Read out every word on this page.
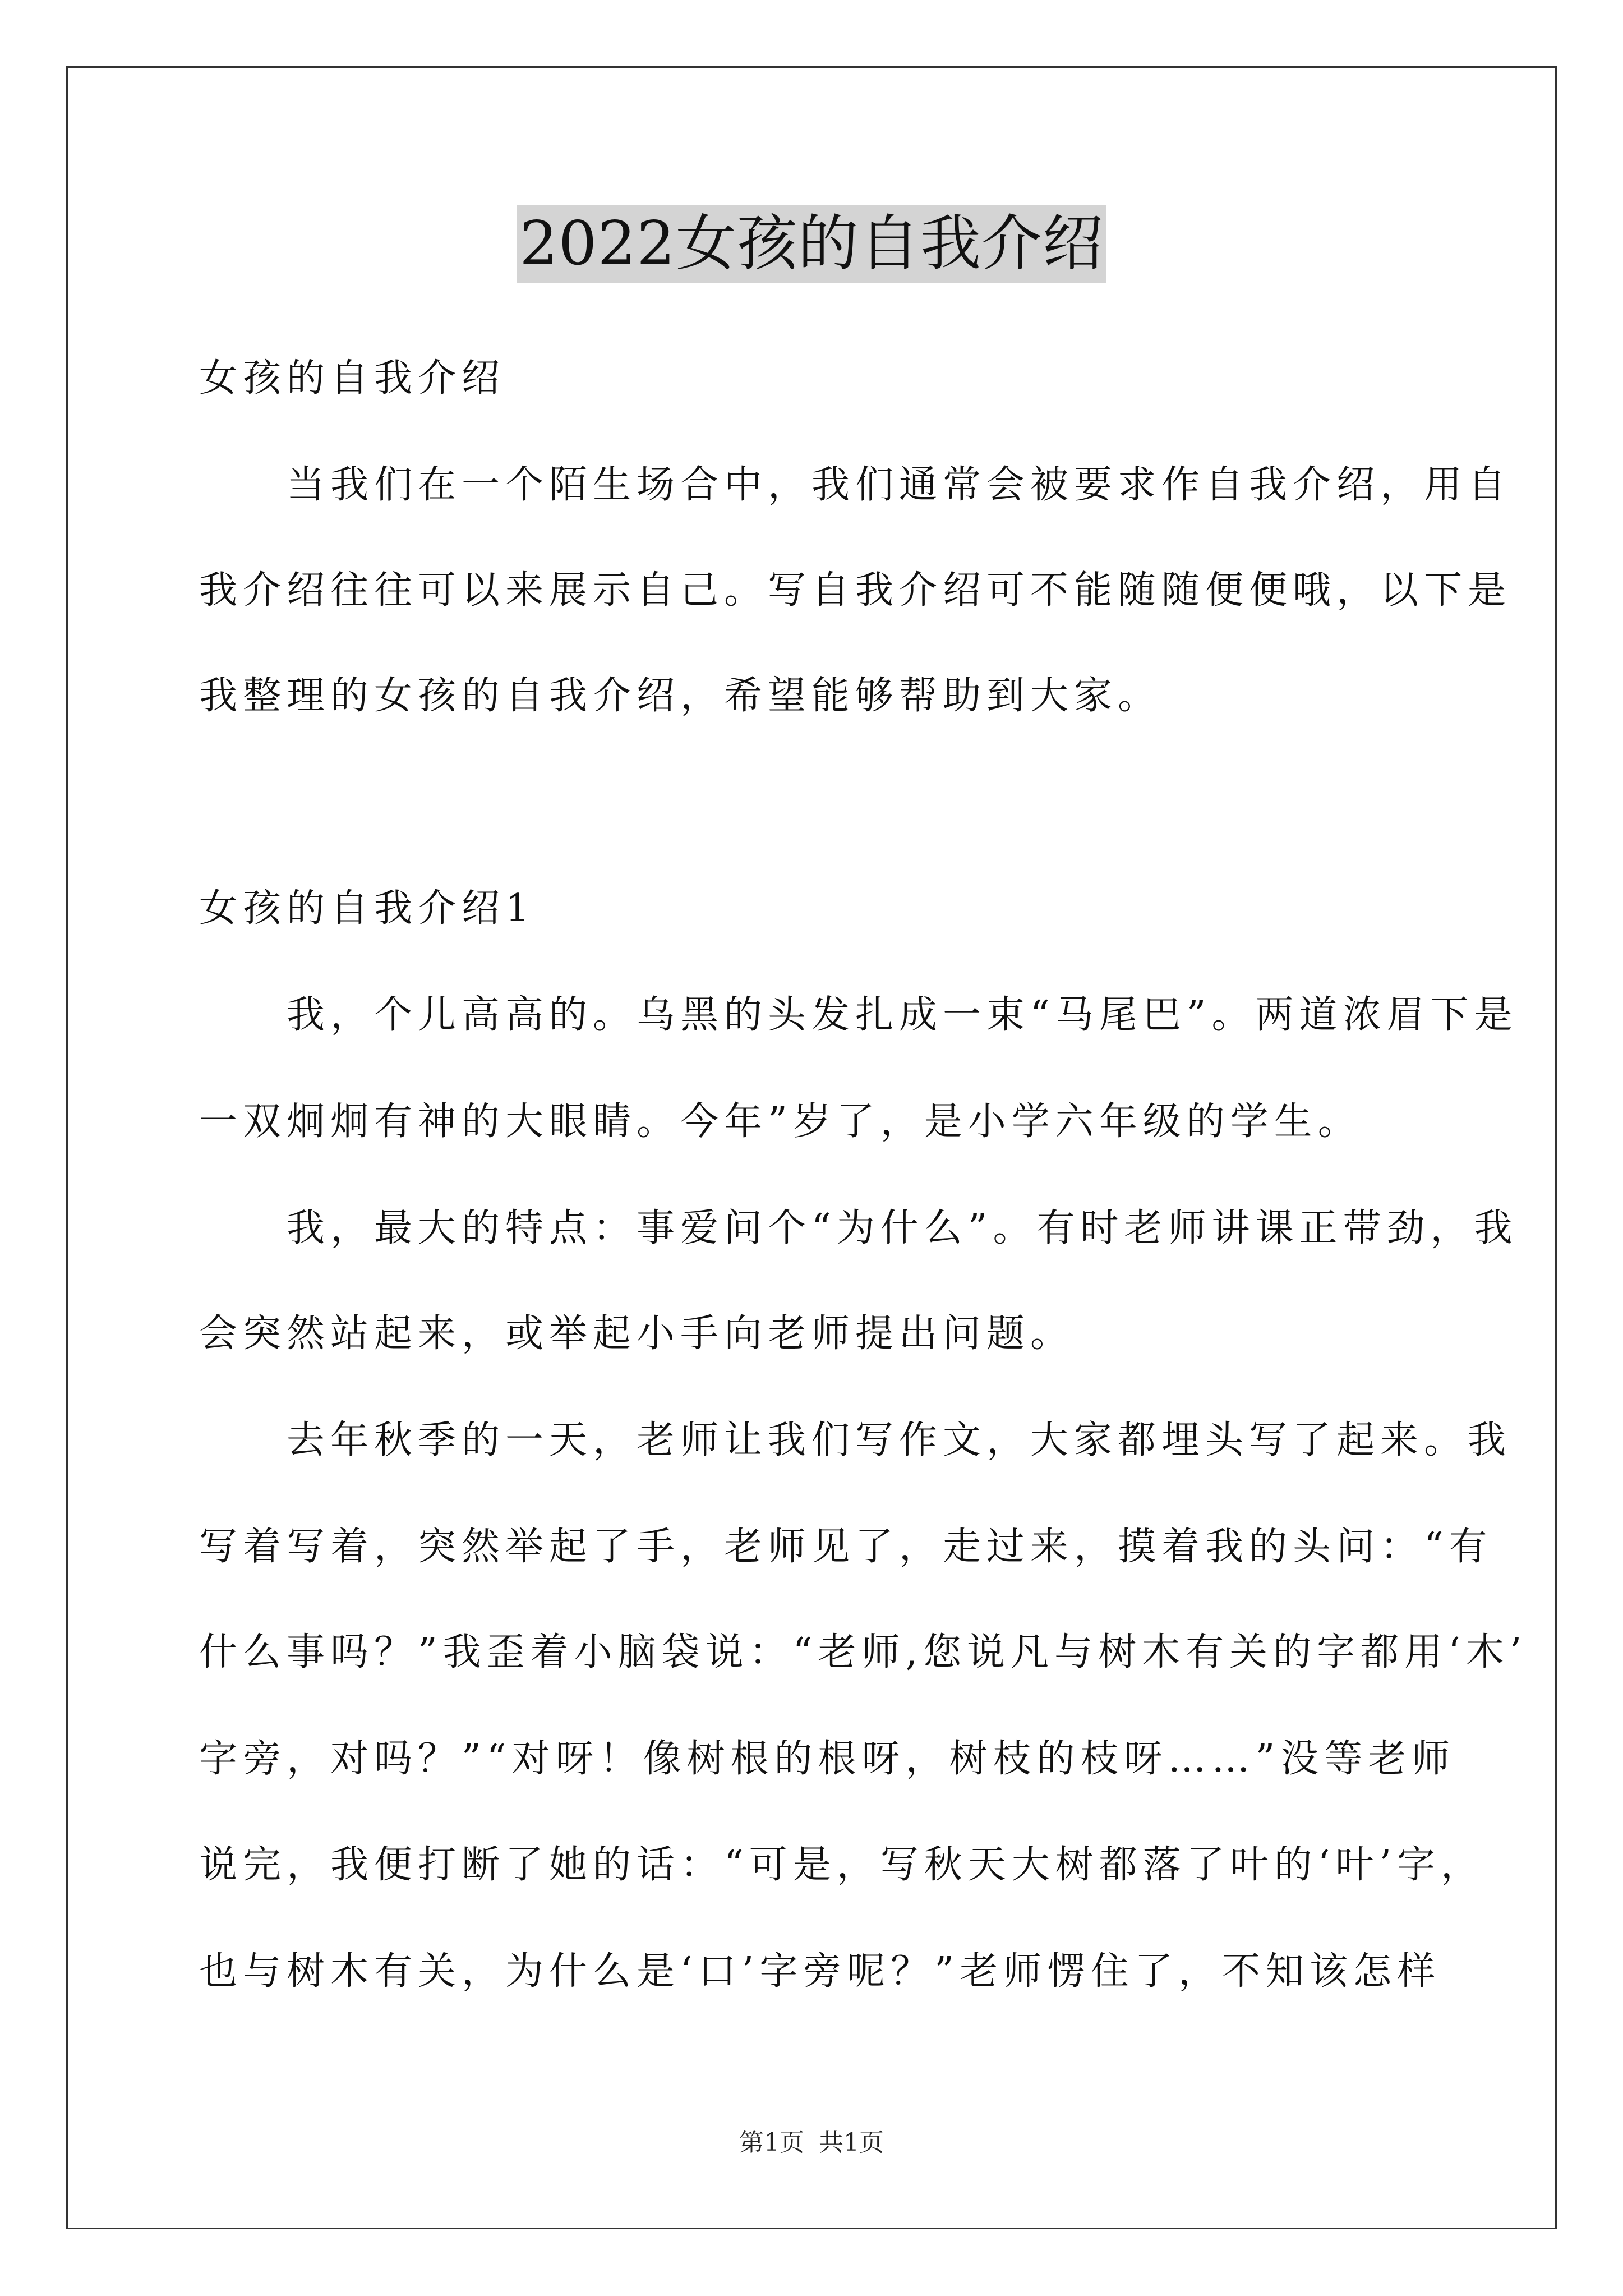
2022女孩的自我介绍
女孩的自我介绍
　　当我们在一个陌生场合中，我们通常会被要求作自我介绍，用自
我介绍往往可以来展示自己。写自我介绍可不能随随便便哦，以下是
我整理的女孩的自我介绍，希望能够帮助到大家。
女孩的自我介绍1
　　我，个儿高高的。乌黑的头发扎成一束“马尾巴”。两道浓眉下是
一双炯炯有神的大眼睛。今年”岁了，是小学六年级的学生。
　　我，最大的特点：事爱问个“为什么”。有时老师讲课正带劲，我
会突然站起来，或举起小手向老师提出问题。
　　去年秋季的一天，老师让我们写作文，大家都埋头写了起来。我
写着写着，突然举起了手，老师见了，走过来，摸着我的头问：“有
什么事吗？”我歪着小脑袋说：“老师,您说凡与树木有关的字都用‘木’
字旁，对吗？”“对呀！像树根的根呀，树枝的枝呀……”没等老师
说完，我便打断了她的话：“可是，写秋天大树都落了叶的‘叶’字，
也与树木有关，为什么是‘口’字旁呢？”老师愣住了，不知该怎样
第1页 共1页
